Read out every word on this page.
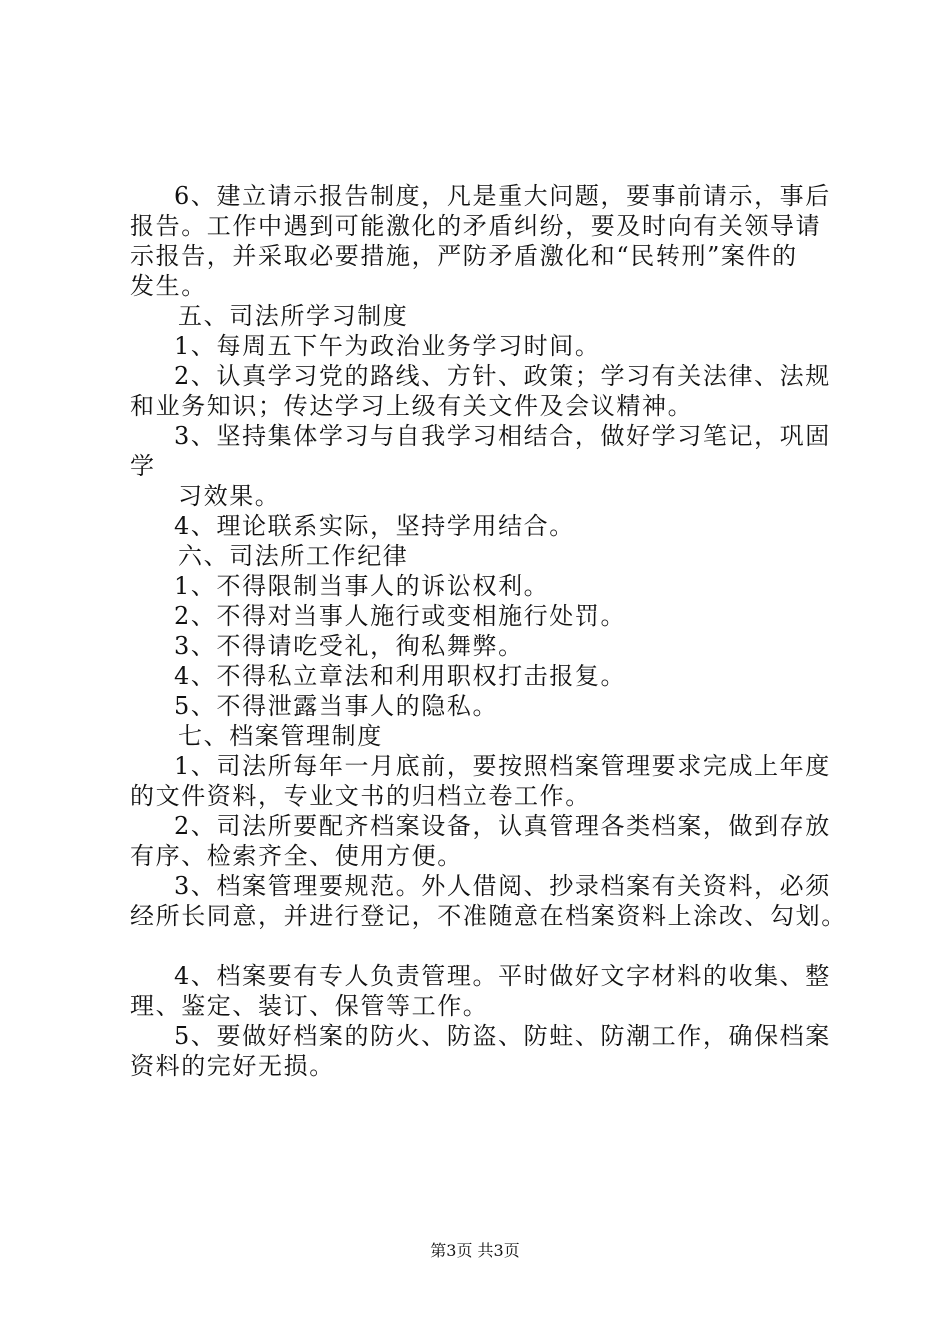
6、建立请示报告制度，凡是重大问题，要事前请示，事后
报告。工作中遇到可能激化的矛盾纠纷，要及时向有关领导请
示报告，并采取必要措施，严防矛盾激化和“民转刑”案件的
发生。
五、司法所学习制度
1、每周五下午为政治业务学习时间。
2、认真学习党的路线、方针、政策；学习有关法律、法规
和业务知识；传达学习上级有关文件及会议精神。
3、坚持集体学习与自我学习相结合，做好学习笔记，巩固
学
习效果。
4、理论联系实际，坚持学用结合。
六、司法所工作纪律
1、不得限制当事人的诉讼权利。
2、不得对当事人施行或变相施行处罚。
3、不得请吃受礼，徇私舞弊。
4、不得私立章法和利用职权打击报复。
5、不得泄露当事人的隐私。
七、档案管理制度
1、司法所每年一月底前，要按照档案管理要求完成上年度
的文件资料，专业文书的归档立卷工作。
2、司法所要配齐档案设备，认真管理各类档案，做到存放
有序、检索齐全、使用方便。
3、档案管理要规范。外人借阅、抄录档案有关资料，必须
经所长同意，并进行登记，不准随意在档案资料上涂改、勾划。
4、档案要有专人负责管理。平时做好文字材料的收集、整
理、鉴定、装订、保管等工作。
5、要做好档案的防火、防盗、防蛀、防潮工作，确保档案
资料的完好无损。
第3页 共3页
